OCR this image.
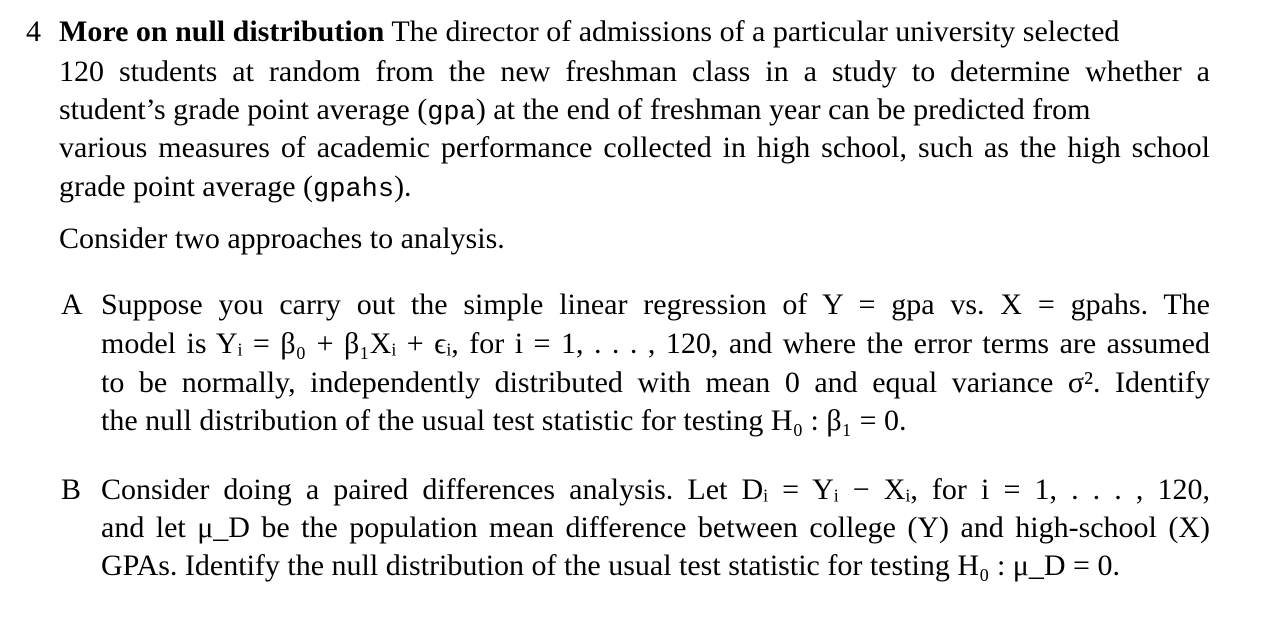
4 More on null distribution The director of admissions of a particular university selected
120 students at random from the new freshman class in a study to determine whether a
student’s grade point average (gpa) at the end of freshman year can be predicted from
various measures of academic performance collected in high school, such as the high school
grade point average (gpahs).
Consider two approaches to analysis.
A Suppose you carry out the simple linear regression of Y = gpa vs. X = gpahs. The
model is Yᵢ = β₀ + β₁Xᵢ + ϵᵢ, for i = 1, . . . , 120, and where the error terms are assumed
to be normally, independently distributed with mean 0 and equal variance σ². Identify
the null distribution of the usual test statistic for testing H₀ : β₁ = 0.
B Consider doing a paired differences analysis. Let Dᵢ = Yᵢ − Xᵢ, for i = 1, . . . , 120,
and let μ_D be the population mean difference between college (Y) and high-school (X)
GPAs. Identify the null distribution of the usual test statistic for testing H₀ : μ_D = 0.
